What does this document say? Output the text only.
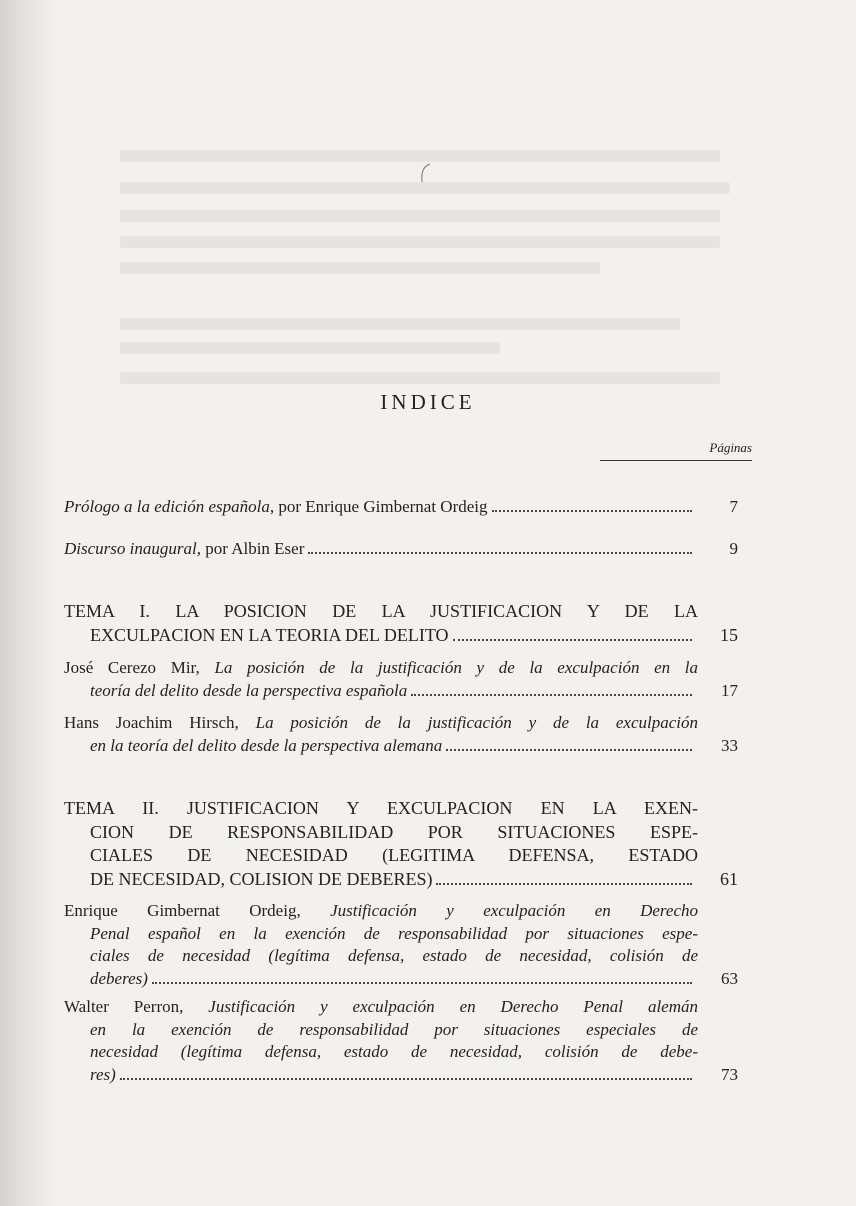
INDICE
Páginas
Prólogo a la edición española, por Enrique Gimbernat Ordeig	7
Discurso inaugural, por Albin Eser	9
TEMA I. LA POSICION DE LA JUSTIFICACION Y DE LA
EXCULPACION EN LA TEORIA DEL DELITO	15
José Cerezo Mir, La posición de la justificación y de la exculpación en la
teoría del delito desde la perspectiva española	17
Hans Joachim Hirsch, La posición de la justificación y de la exculpación
en la teoría del delito desde la perspectiva alemana	33
TEMA II. JUSTIFICACION Y EXCULPACION EN LA EXEN-
CION DE RESPONSABILIDAD POR SITUACIONES ESPE-
CIALES DE NECESIDAD (LEGITIMA DEFENSA, ESTADO
DE NECESIDAD, COLISION DE DEBERES)	61
Enrique Gimbernat Ordeig, Justificación y exculpación en Derecho
Penal español en la exención de responsabilidad por situaciones espe-
ciales de necesidad (legítima defensa, estado de necesidad, colisión de
deberes)	63
Walter Perron, Justificación y exculpación en Derecho Penal alemán
en la exención de responsabilidad por situaciones especiales de
necesidad (legítima defensa, estado de necesidad, colisión de debe-
res)	73
